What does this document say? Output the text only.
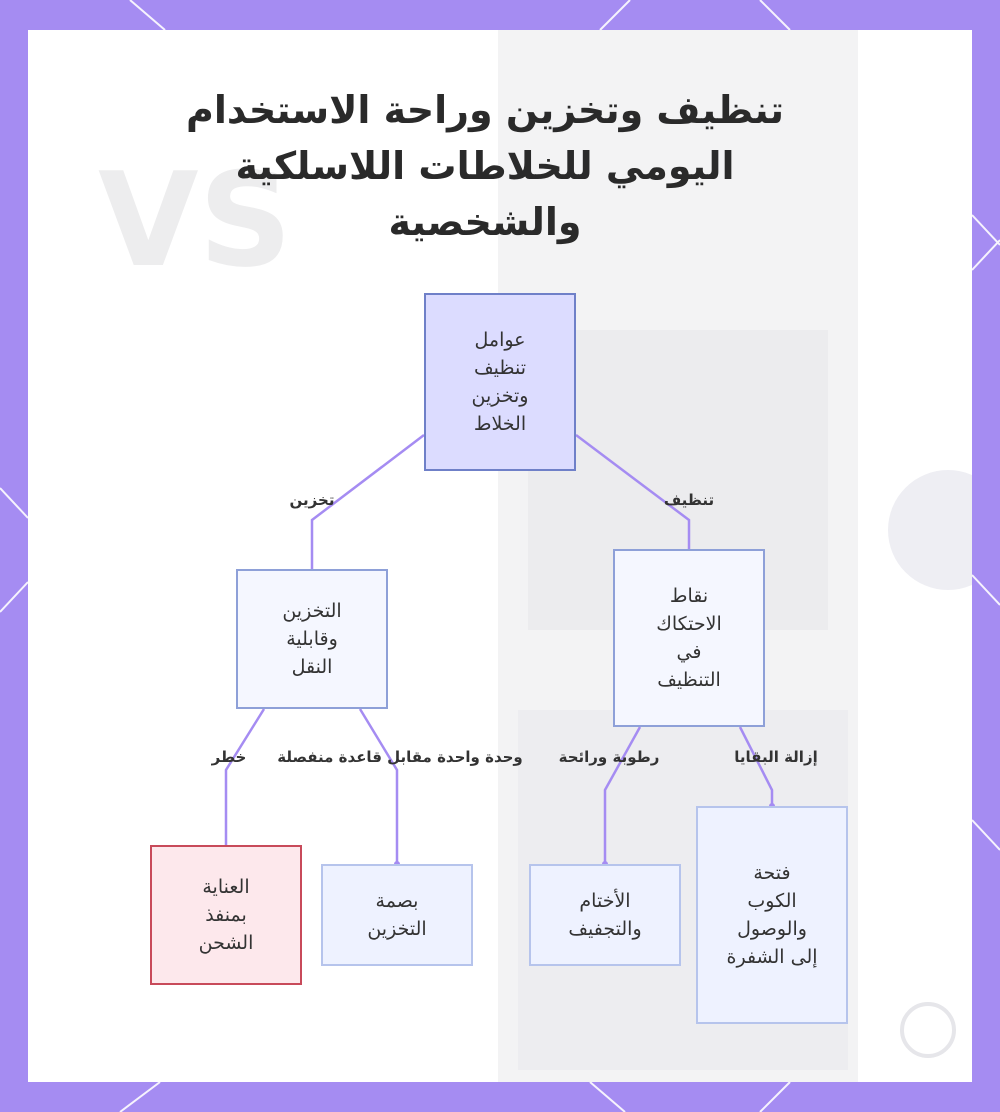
VS
تنظيف وتخزين وراحة الاستخدام اليومي للخلاطات اللاسلكية والشخصية
تخزين	تنظيف
خطر وحدة واحدة مقابل قاعدة منفصلة رطوبة ورائحة	إزالة البقايا
عوامل
تنظيف
وتخزين
الخلاط
التخزين
وقابلية
النقل
نقاط
الاحتكاك
في
التنظيف
العناية
بمنفذ
الشحن
بصمة
التخزين
الأختام
والتجفيف
فتحة
الكوب
والوصول
إلى الشفرة
